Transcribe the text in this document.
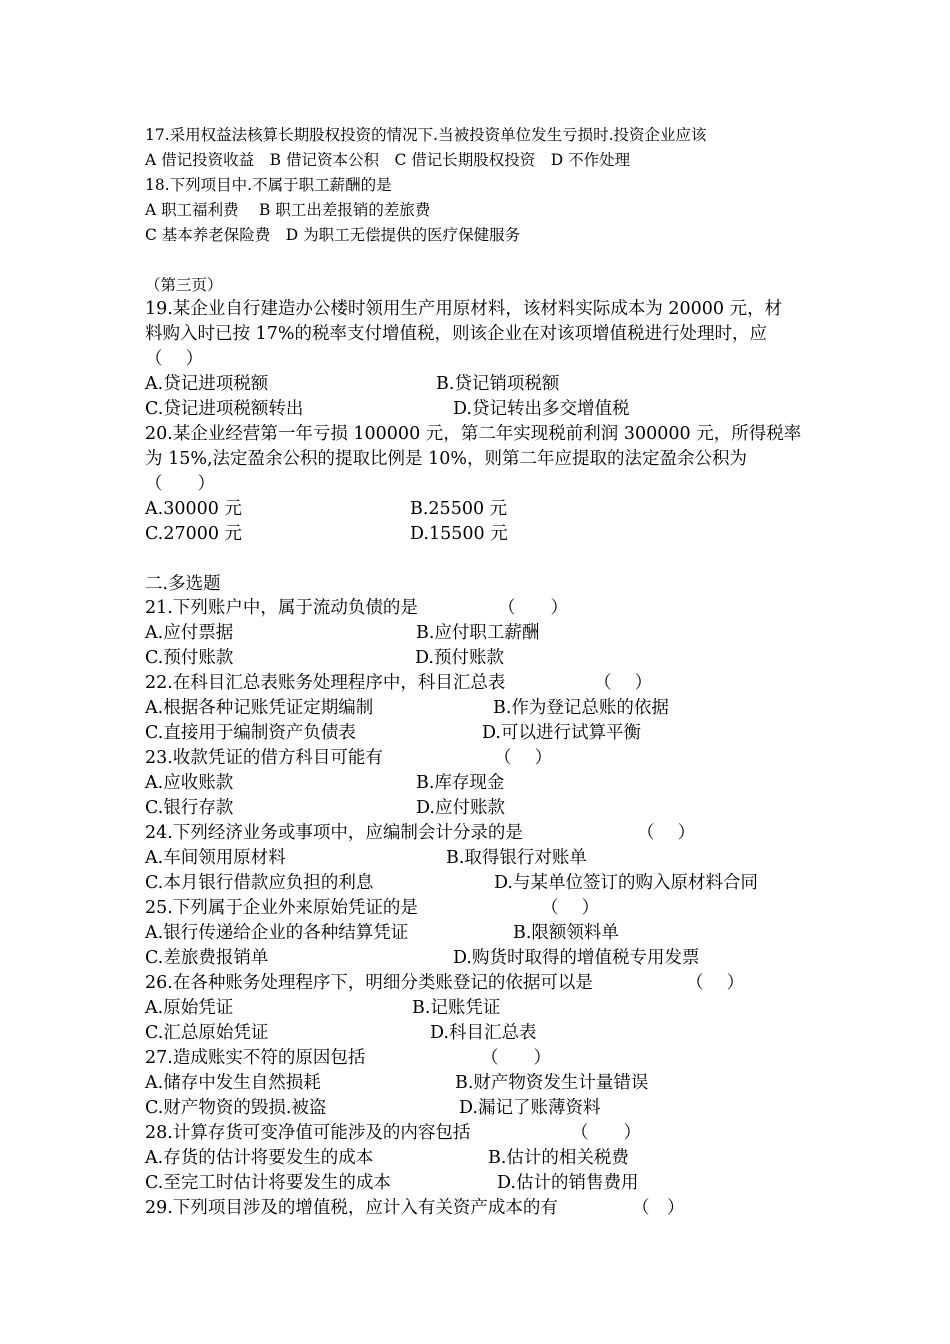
17.采用权益法核算长期股权投资的情况下.当被投资单位发生亏损时.投资企业应该
A 借记投资收益　B 借记资本公积　C 借记长期股权投资　D 不作处理
18.下列项目中.不属于职工薪酬的是
A 职工福利费　 B 职工出差报销的差旅费
C 基本养老保险费　D 为职工无偿提供的医疗保健服务
（第三页）
19.某企业自行建造办公楼时领用生产用原材料，该材料实际成本为 20000 元，材
料购入时已按 17%的税率支付增值税，则该企业在对该项增值税进行处理时，应
（　 ）
A.贷记进项税额	B.贷记销项税额
C.贷记进项税额转出	D.贷记转出多交增值税
20.某企业经营第一年亏损 100000 元，第二年实现税前利润 300000 元，所得税率
为 15%,法定盈余公积的提取比例是 10%，则第二年应提取的法定盈余公积为
（　　）
A.30000 元	B.25500 元
C.27000 元	D.15500 元
二.多选题
21.下列账户中，属于流动负债的是	（　　）
A.应付票据	B.应付职工薪酬
C.预付账款	D.预付账款
22.在科目汇总表账务处理程序中，科目汇总表	（　 ）
A.根据各种记账凭证定期编制	B.作为登记总账的依据
C.直接用于编制资产负债表	D.可以进行试算平衡
23.收款凭证的借方科目可能有	（　 ）
A.应收账款	B.库存现金
C.银行存款	D.应付账款
24.下列经济业务或事项中，应编制会计分录的是	（　 ）
A.车间领用原材料	B.取得银行对账单
C.本月银行借款应负担的利息	D.与某单位签订的购入原材料合同
25.下列属于企业外来原始凭证的是	（　 ）
A.银行传递给企业的各种结算凭证	B.限额领料单
C.差旅费报销单	D.购货时取得的增值税专用发票
26.在各种账务处理程序下，明细分类账登记的依据可以是	（　 ）
A.原始凭证	B.记账凭证
C.汇总原始凭证	D.科目汇总表
27.造成账实不符的原因包括	（　　）
A.储存中发生自然损耗	B.财产物资发生计量错误
C.财产物资的毁损.被盗	D.漏记了账薄资料
28.计算存货可变净值可能涉及的内容包括	（　　）
A.存货的估计将要发生的成本	B.估计的相关税费
C.至完工时估计将要发生的成本	D.估计的销售费用
29.下列项目涉及的增值税，应计入有关资产成本的有	（　）
